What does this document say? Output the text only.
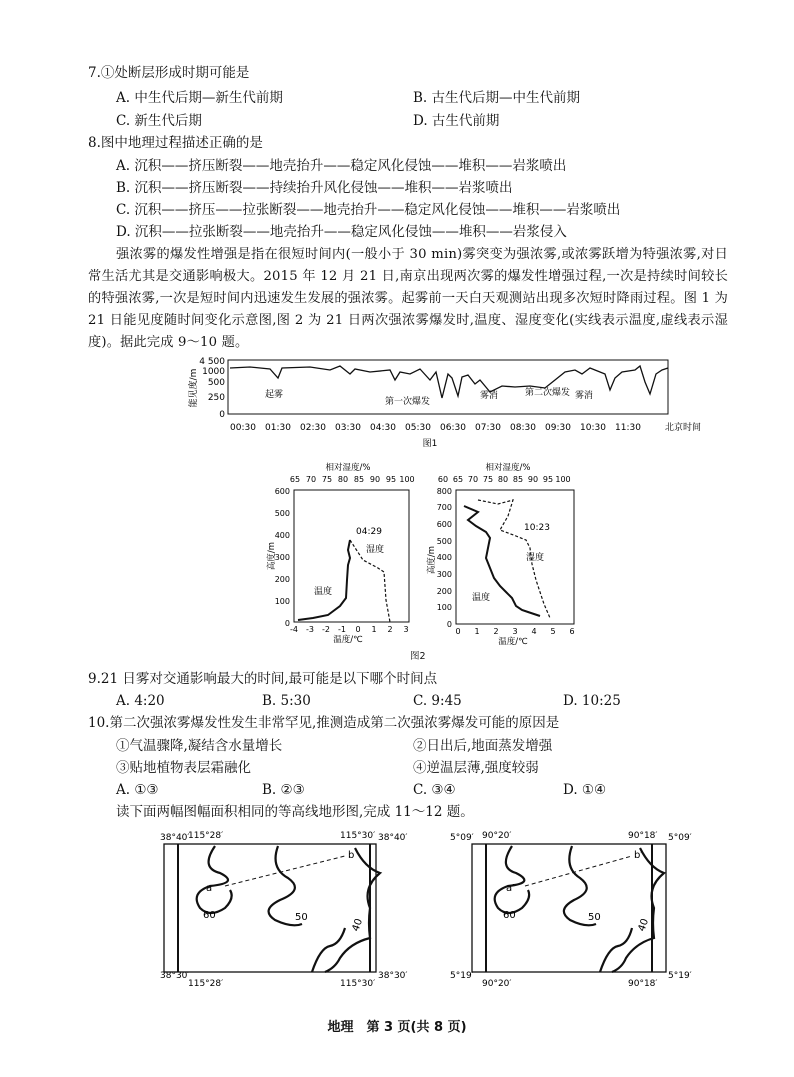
7.①处断层形成时期可能是
A. 中生代后期—新生代前期	B. 古生代后期—中生代前期
C. 新生代后期	D. 古生代前期
8.图中地理过程描述正确的是
A. 沉积——挤压断裂——地壳抬升——稳定风化侵蚀——堆积——岩浆喷出
B. 沉积——挤压断裂——持续抬升风化侵蚀——堆积——岩浆喷出
C. 沉积——挤压——拉张断裂——地壳抬升——稳定风化侵蚀——堆积——岩浆喷出
D. 沉积——拉张断裂——地壳抬升——稳定风化侵蚀——堆积——岩浆侵入
强浓雾的爆发性增强是指在很短时间内(一般小于 30 min)雾突变为强浓雾,或浓雾跃增为特强浓雾,对日常生活尤其是交通影响极大。2015 年 12 月 21 日,南京出现两次雾的爆发性增强过程,一次是持续时间较长的特强浓雾,一次是短时间内迅速发生发展的强浓雾。起雾前一天白天观测站出现多次短时降雨过程。图 1 为 21 日能见度随时间变化示意图,图 2 为 21 日两次强浓雾爆发时,温度、湿度变化(实线表示温度,虚线表示湿度)。据此完成 9～10 题。
能见度/m
4 500
1000
500
250
0
起雾
第一次爆发
雾消	第二次爆发 雾消
00:30 01:30 02:30 03:30 04:30 05:30 06:30 07:30 08:30 09:30 10:30 11:30	北京时间
图1
相对湿度/%
65 70 75 80 85 90 95 100
600
500
400
300
200
100
0
高度/m
04:29
湿度
温度
-4 -3 -2 -1 0 1 2 3
温度/℃
相对湿度/%
60 65 70 75 80 85 90 95 100
800
700
600
500
400
300
200
100
0
高度/m
10:23
湿度
温度
0 1 2 3 4 5 6
温度/℃
图2
9.21 日雾对交通影响最大的时间,最可能是以下哪个时间点
A. 4:20	B. 5:30	C. 9:45	D. 10:25
10.第二次强浓雾爆发性发生非常罕见,推测造成第二次强浓雾爆发可能的原因是
①气温骤降,凝结含水量增长	②日出后,地面蒸发增强
③贴地植物表层霜融化	④逆温层薄,强度较弱
A. ①③	B. ②③	C. ③④	D. ①④
读下面两幅图幅面积相同的等高线地形图,完成 11～12 题。
38°40′
115°28′	115°30′ 38°40′
38°30′
115°28′	115°30′
38°30′
a
b
60	50	40
5°09′ 90°20′	90°18′ 5°09′
5°19′
90°20′	90°18′
5°19′
a′
b′
60	50	40
地理　第 3 页(共 8 页)
